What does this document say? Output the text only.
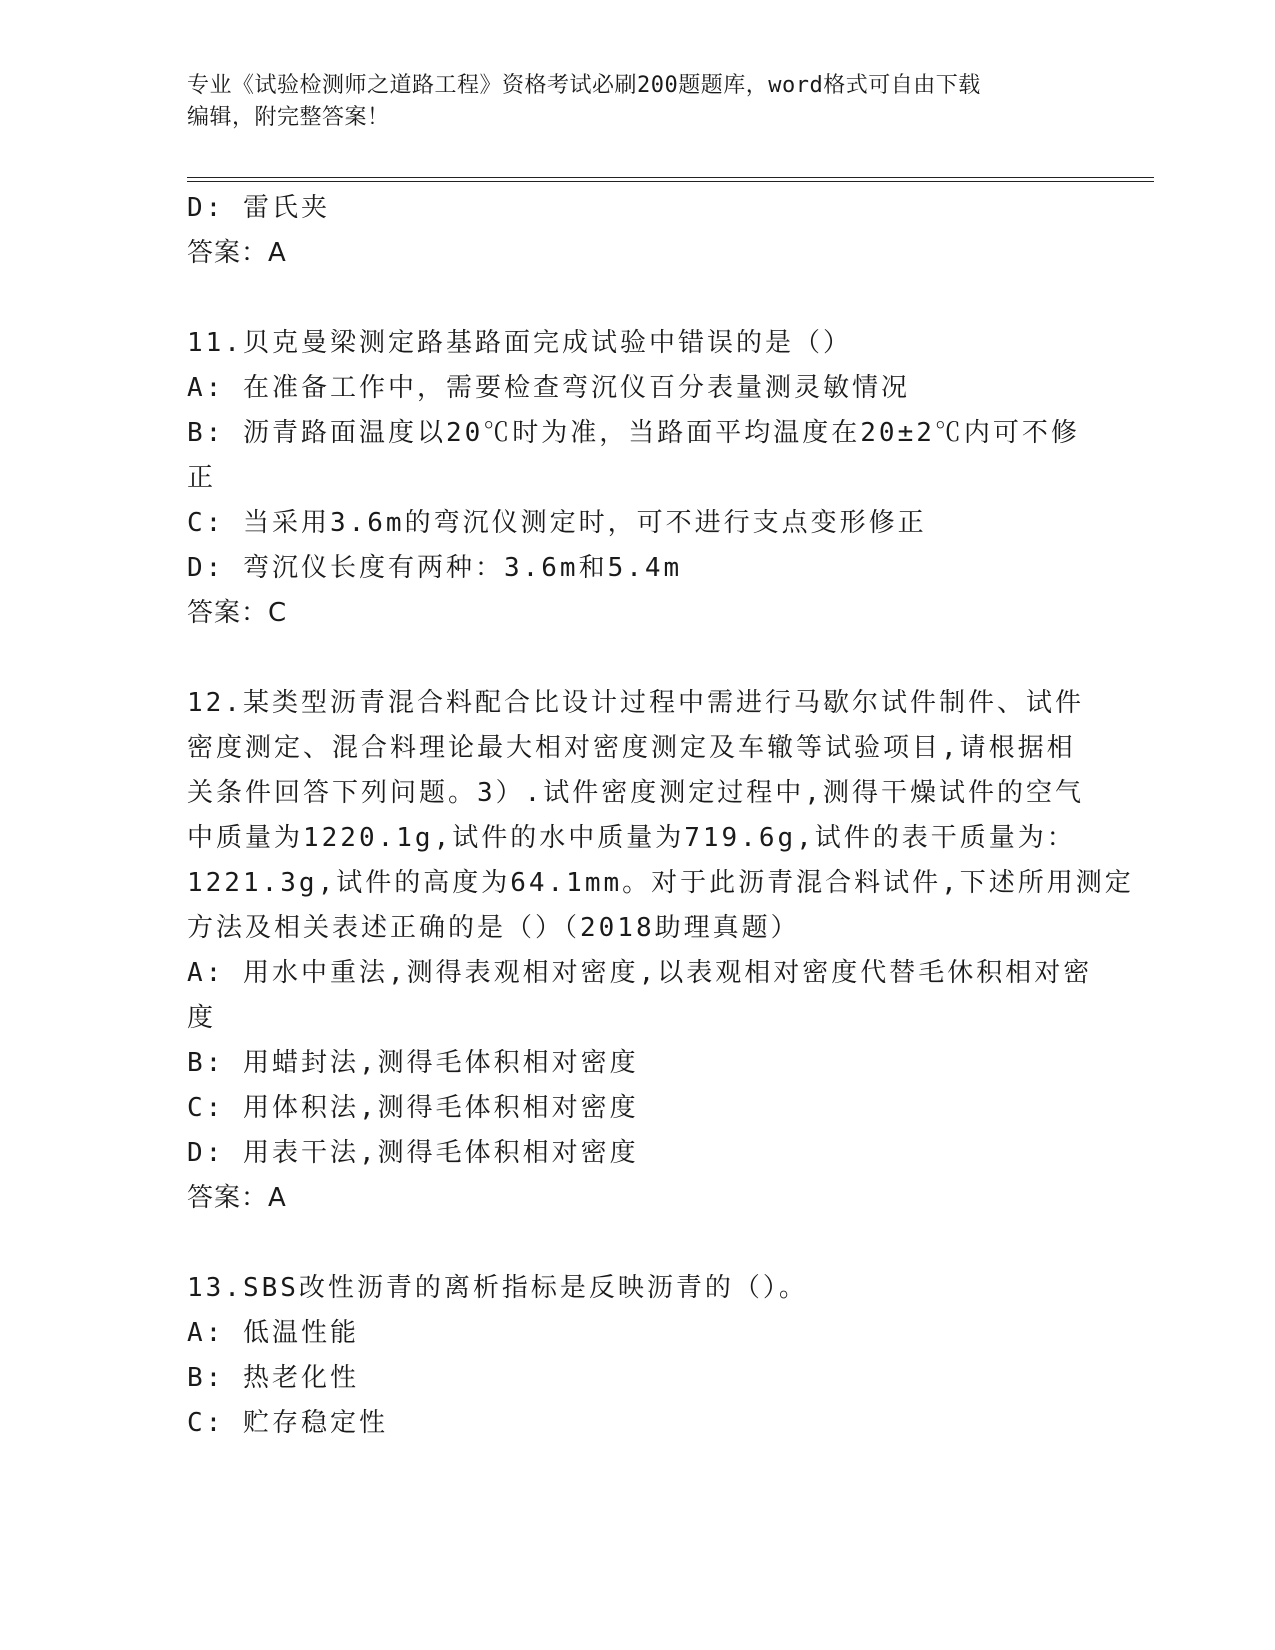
专业《试验检测师之道路工程》资格考试必刷200题题库，word格式可自由下载
编辑，附完整答案！
D: 雷氏夹
答案：A
11.贝克曼梁测定路基路面完成试验中错误的是（）
A: 在准备工作中，需要检查弯沉仪百分表量测灵敏情况
B: 沥青路面温度以20℃时为准，当路面平均温度在20±2℃内可不修
正
C: 当采用3.6m的弯沉仪测定时，可不进行支点变形修正
D: 弯沉仪长度有两种：3.6m和5.4m
答案：C
12.某类型沥青混合料配合比设计过程中需进行马歇尔试件制件、试件
密度测定、混合料理论最大相对密度测定及车辙等试验项目,请根据相
关条件回答下列问题。3）.试件密度测定过程中,测得干燥试件的空气
中质量为1220.1g,试件的水中质量为719.6g,试件的表干质量为：
1221.3g,试件的高度为64.1mm。对于此沥青混合料试件,下述所用测定
方法及相关表述正确的是（）（2018助理真题）
A: 用水中重法,测得表观相对密度,以表观相对密度代替毛休积相对密
度
B: 用蜡封法,测得毛体积相对密度
C: 用体积法,测得毛体积相对密度
D: 用表干法,测得毛体积相对密度
答案：A
13.SBS改性沥青的离析指标是反映沥青的（）。
A: 低温性能
B: 热老化性
C: 贮存稳定性
